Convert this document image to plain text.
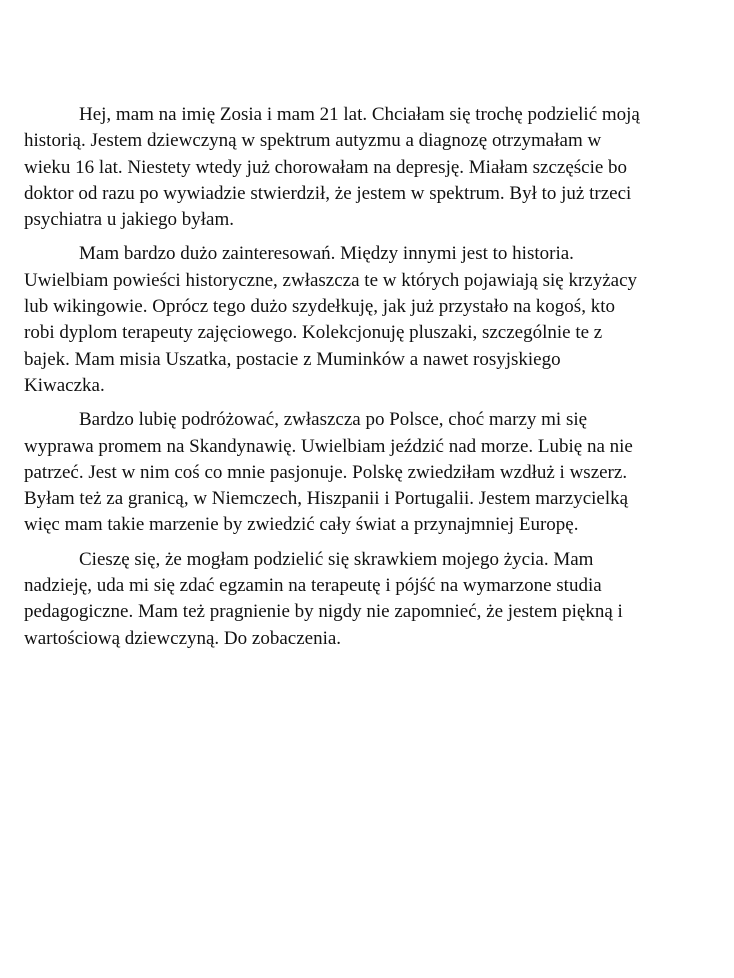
Hej, mam na imię Zosia i mam 21 lat. Chciałam się trochę podzielić moją
historią. Jestem dziewczyną w spektrum autyzmu a diagnozę otrzymałam w
wieku 16 lat. Niestety wtedy już chorowałam na depresję. Miałam szczęście bo
doktor od razu po wywiadzie stwierdził, że jestem w spektrum. Był to już trzeci
psychiatra u jakiego byłam.

Mam bardzo dużo zainteresowań. Między innymi jest to historia.
Uwielbiam powieści historyczne, zwłaszcza te w których pojawiają się krzyżacy
lub wikingowie. Oprócz tego dużo szydełkuję, jak już przystało na kogoś, kto
robi dyplom terapeuty zajęciowego. Kolekcjonuję pluszaki, szczególnie te z
bajek. Mam misia Uszatka, postacie z Muminków a nawet rosyjskiego
Kiwaczka.

Bardzo lubię podróżować, zwłaszcza po Polsce, choć marzy mi się
wyprawa promem na Skandynawię. Uwielbiam jeździć nad morze. Lubię na nie
patrzeć. Jest w nim coś co mnie pasjonuje. Polskę zwiedziłam wzdłuż i wszerz.
Byłam też za granicą, w Niemczech, Hiszpanii i Portugalii. Jestem marzycielką
więc mam takie marzenie by zwiedzić cały świat a przynajmniej Europę.

Cieszę się, że mogłam podzielić się skrawkiem mojego życia. Mam
nadzieję, uda mi się zdać egzamin na terapeutę i pójść na wymarzone studia
pedagogiczne. Mam też pragnienie by nigdy nie zapomnieć, że jestem piękną i
wartościową dziewczyną. Do zobaczenia.
